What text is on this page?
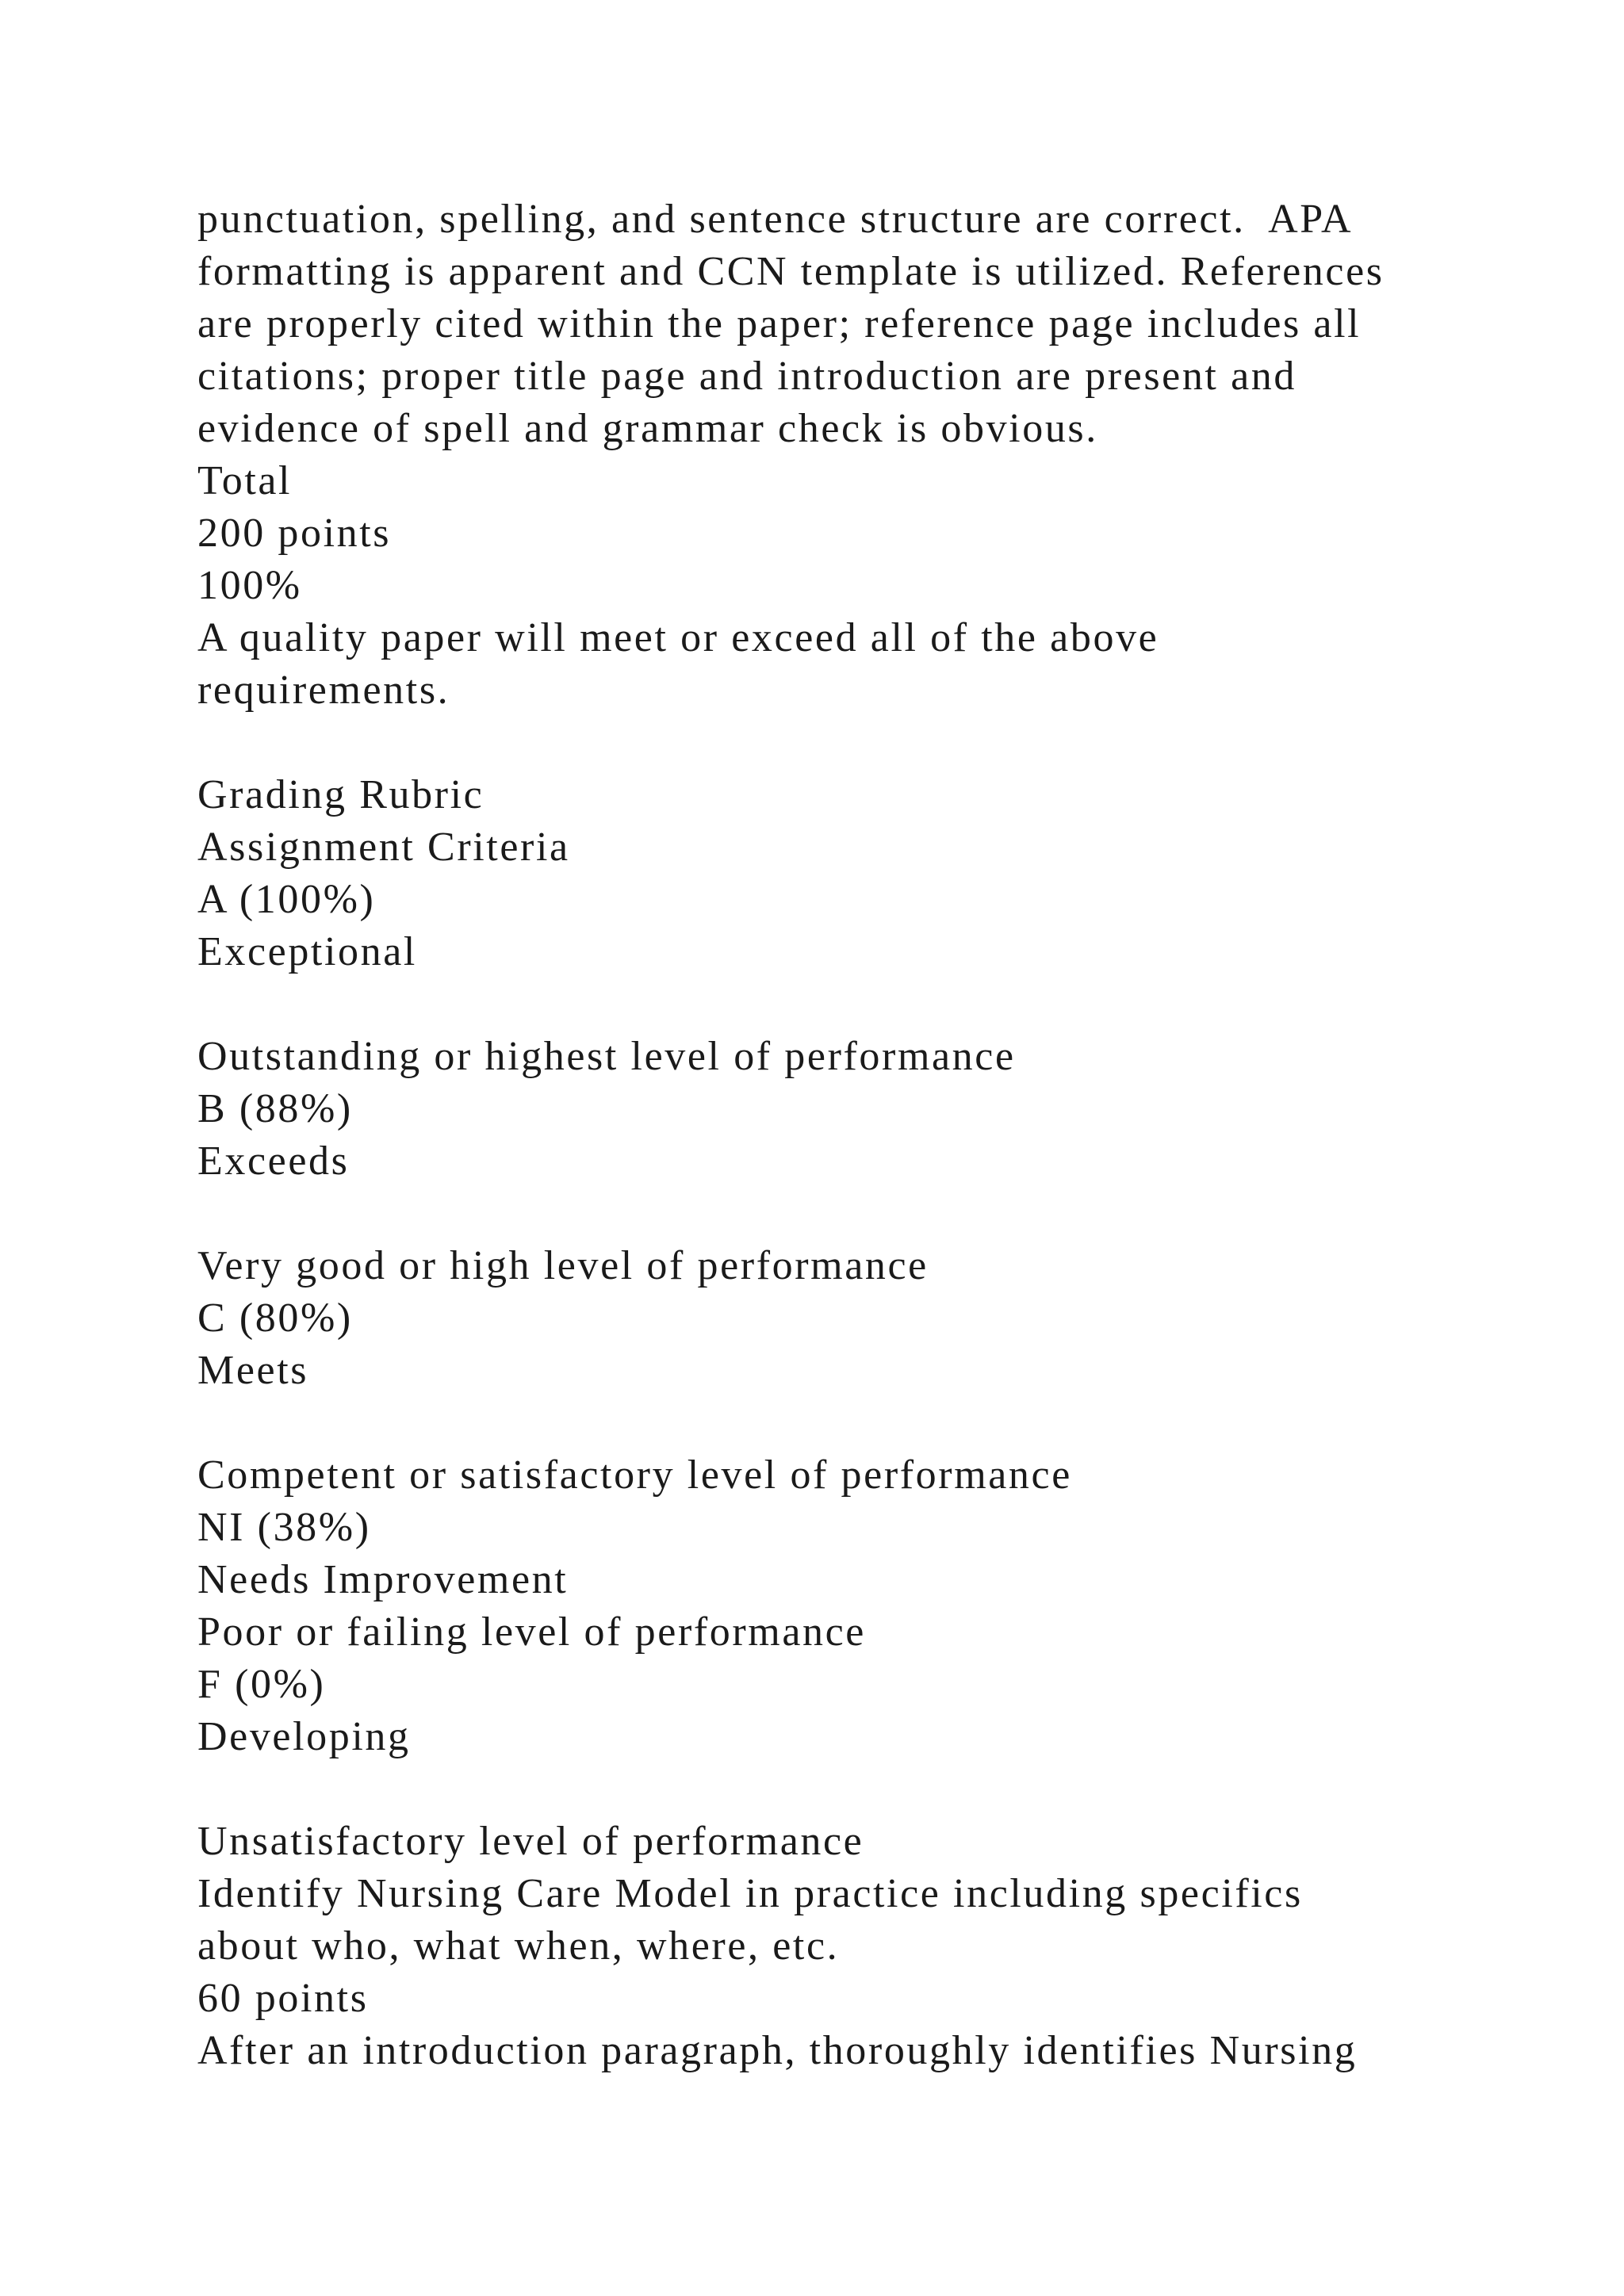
punctuation, spelling, and sentence structure are correct.  APA
formatting is apparent and CCN template is utilized. References
are properly cited within the paper; reference page includes all
citations; proper title page and introduction are present and
evidence of spell and grammar check is obvious.
Total
200 points
100%
A quality paper will meet or exceed all of the above
requirements.
Grading Rubric
Assignment Criteria
A (100%)
Exceptional
Outstanding or highest level of performance
B (88%)
Exceeds
Very good or high level of performance
C (80%)
Meets
Competent or satisfactory level of performance
NI (38%)
Needs Improvement
Poor or failing level of performance
F (0%)
Developing
Unsatisfactory level of performance
Identify Nursing Care Model in practice including specifics
about who, what when, where, etc.
60 points
After an introduction paragraph, thoroughly identifies Nursing
